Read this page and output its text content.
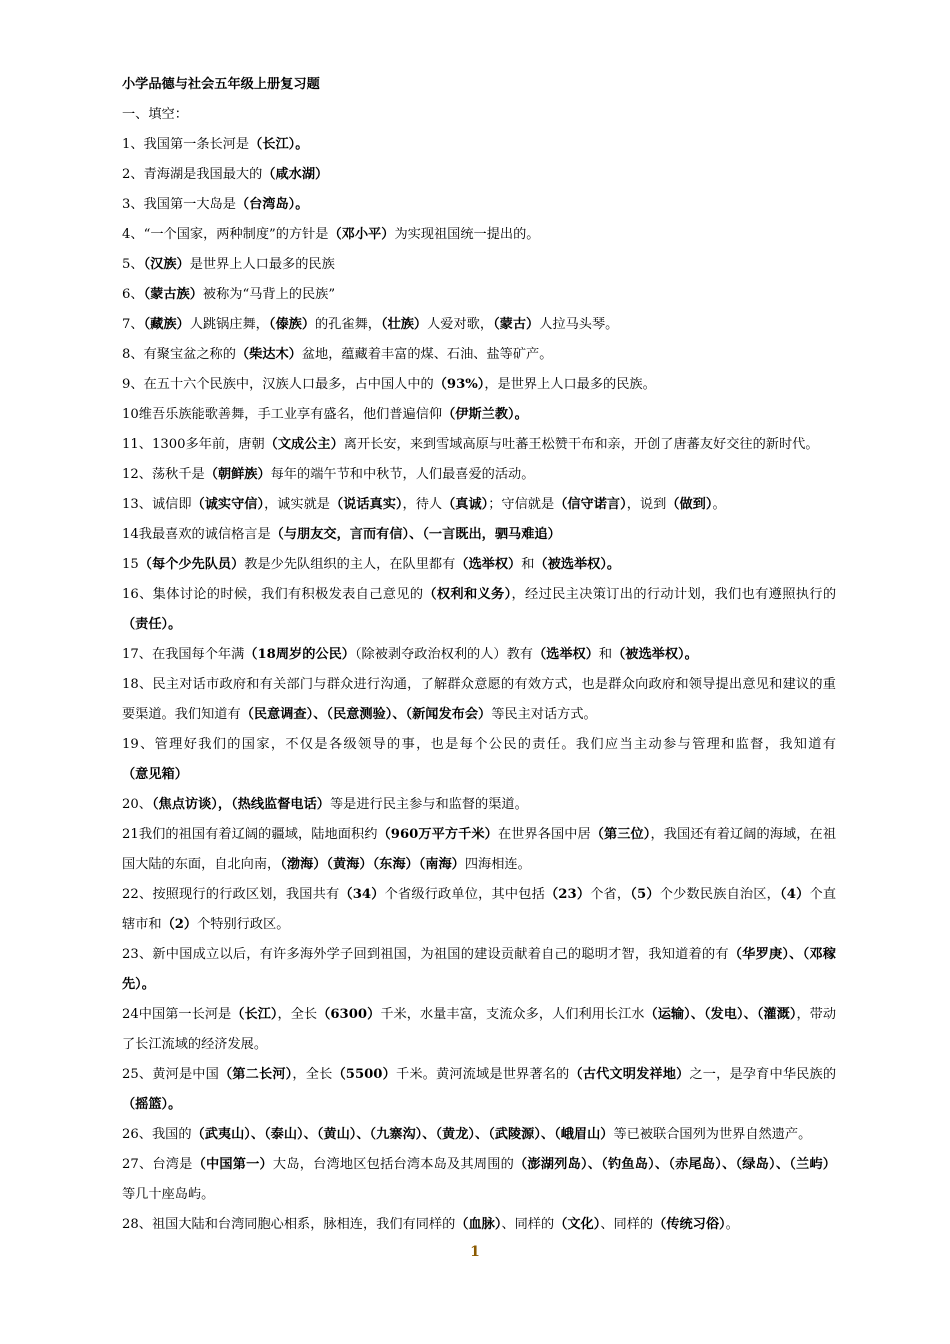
小学品德与社会五年级上册复习题

一、填空：

1、我国第一条长河是（长江）。

2、青海湖是我国最大的（咸水湖）

3、我国第一大岛是（台湾岛）。

4、“一个国家，两种制度”的方针是（邓小平）为实现祖国统一提出的。

5、（汉族）是世界上人口最多的民族

6、（蒙古族）被称为“马背上的民族”

7、（藏族）人跳锅庄舞，（傣族）的孔雀舞，（壮族）人爱对歌，（蒙古）人拉马头琴。

8、有聚宝盆之称的（柴达木）盆地，蕴藏着丰富的煤、石油、盐等矿产。

9、在五十六个民族中，汉族人口最多，占中国人中的（93%），是世界上人口最多的民族。

10维吾乐族能歌善舞，手工业享有盛名，他们普遍信仰（伊斯兰教）。

11、1300多年前，唐朝（文成公主）离开长安，来到雪域高原与吐蕃王松赞干布和亲，开创了唐蕃友好交往的新时代。

12、荡秋千是（朝鲜族）每年的端午节和中秋节，人们最喜爱的活动。

13、诚信即（诚实守信），诚实就是（说话真实），待人（真诚）；守信就是（信守诺言），说到（做到）。

14我最喜欢的诚信格言是（与朋友交，言而有信）、（一言既出，驷马难追）

15（每个少先队员）教是少先队组织的主人，在队里都有（选举权）和（被选举权）。

16、集体讨论的时候，我们有积极发表自己意见的（权利和义务），经过民主决策订出的行动计划，我们也有遵照执行的（责任）。

17、在我国每个年满（18周岁的公民）（除被剥夺政治权利的人）教有（选举权）和（被选举权）。

18、民主对话市政府和有关部门与群众进行沟通，了解群众意愿的有效方式，也是群众向政府和领导提出意见和建议的重要渠道。我们知道有（民意调查）、（民意测验）、（新闻发布会）等民主对话方式。

19、管理好我们的国家，不仅是各级领导的事，也是每个公民的责任。我们应当主动参与管理和监督，我知道有（意见箱）

20、（焦点访谈），（热线监督电话）等是进行民主参与和监督的渠道。

21我们的祖国有着辽阔的疆域，陆地面积约（960万平方千米）在世界各国中居（第三位），我国还有着辽阔的海域，在祖国大陆的东面，自北向南，（渤海）（黄海）（东海）（南海）四海相连。

22、按照现行的行政区划，我国共有（34）个省级行政单位，其中包括（23）个省，（5）个少数民族自治区，（4）个直辖市和（2）个特别行政区。

23、新中国成立以后，有许多海外学子回到祖国，为祖国的建设贡献着自己的聪明才智，我知道着的有（华罗庚）、（邓稼先）。

24中国第一长河是（长江），全长（6300）千米，水量丰富，支流众多，人们利用长江水（运输）、（发电）、（灌溉），带动了长江流域的经济发展。

25、黄河是中国（第二长河），全长（5500）千米。黄河流域是世界著名的（古代文明发祥地）之一，是孕育中华民族的（摇篮）。

26、我国的（武夷山）、（泰山）、（黄山）、（九寨沟）、（黄龙）、（武陵源）、（峨眉山）等已被联合国列为世界自然遗产。

27、台湾是（中国第一）大岛，台湾地区包括台湾本岛及其周围的（澎湖列岛）、（钓鱼岛）、（赤尾岛）、（绿岛）、（兰屿）等几十座岛屿。

28、祖国大陆和台湾同胞心相系，脉相连，我们有同样的（血脉）、同样的（文化）、同样的（传统习俗）。

1
